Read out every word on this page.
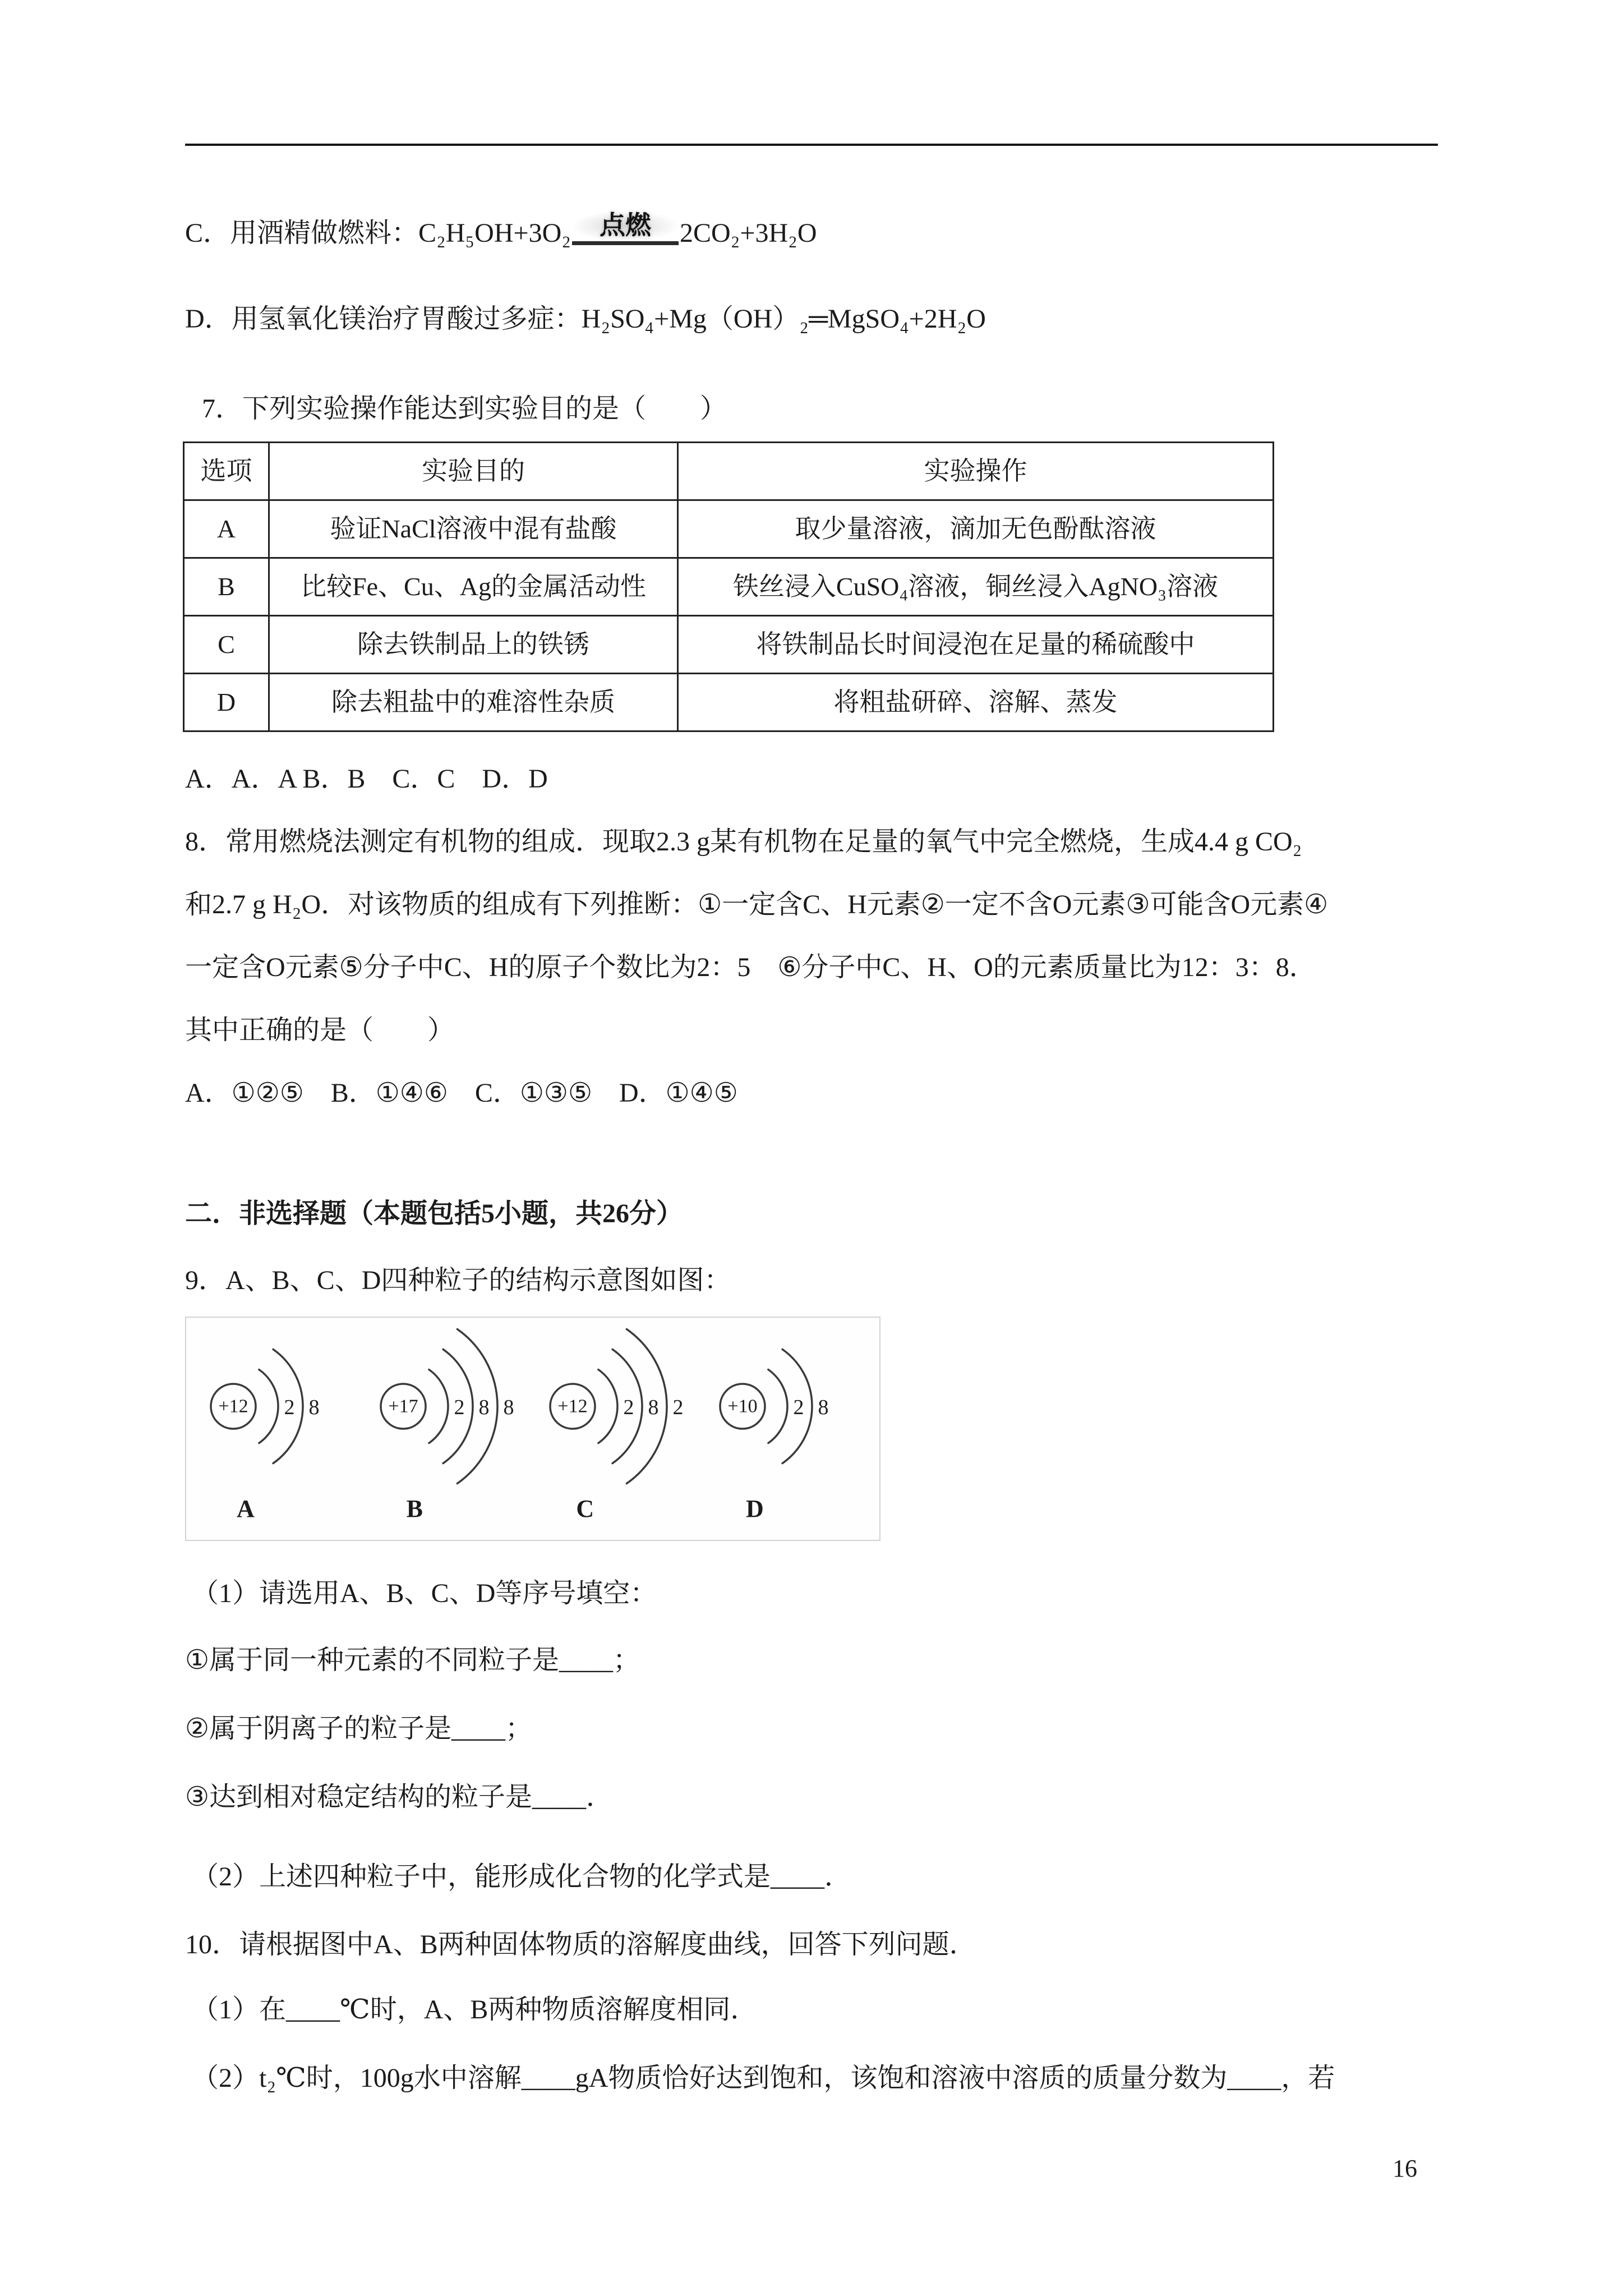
C．用酒精做燃料：C₂H₅OH+3O₂ 点燃 2CO₂+3H₂O
D．用氢氧化镁治疗胃酸过多症：H₂SO₄+Mg（OH）₂═MgSO₄+2H₂O
7．下列实验操作能达到实验目的是（　　）
选项	实验目的	实验操作
A	验证NaCl溶液中混有盐酸	取少量溶液，滴加无色酚酞溶液
B	比较Fe、Cu、Ag的金属活动性	铁丝浸入CuSO₄溶液，铜丝浸入AgNO₃溶液
C	除去铁制品上的铁锈	将铁制品长时间浸泡在足量的稀硫酸中
D	除去粗盐中的难溶性杂质	将粗盐研碎、溶解、蒸发
A．A．A B．B　C．C　D．D
8．常用燃烧法测定有机物的组成．现取2.3 g某有机物在足量的氧气中完全燃烧，生成4.4 g CO₂
和2.7 g H₂O．对该物质的组成有下列推断：①一定含C、H元素②一定不含O元素③可能含O元素④
一定含O元素⑤分子中C、H的原子个数比为2：5　⑥分子中C、H、O的元素质量比为12：3：8．
其中正确的是（　　）
A．①②⑤　B．①④⑥　C．①③⑤　D．①④⑤
二．非选择题（本题包括5小题，共26分）
9．A、B、C、D四种粒子的结构示意图如图：
+12 2 8
A
+17 2 8 8
B
+12 2 8 2
C
+10 2 8
D
（1）请选用A、B、C、D等序号填空：
①属于同一种元素的不同粒子是____；
②属于阴离子的粒子是____；
③达到相对稳定结构的粒子是____．
（2）上述四种粒子中，能形成化合物的化学式是____．
10．请根据图中A、B两种固体物质的溶解度曲线，回答下列问题．
（1）在____℃时，A、B两种物质溶解度相同．
（2）t₂℃时，100g水中溶解____gA物质恰好达到饱和，该饱和溶液中溶质的质量分数为____，若
16
